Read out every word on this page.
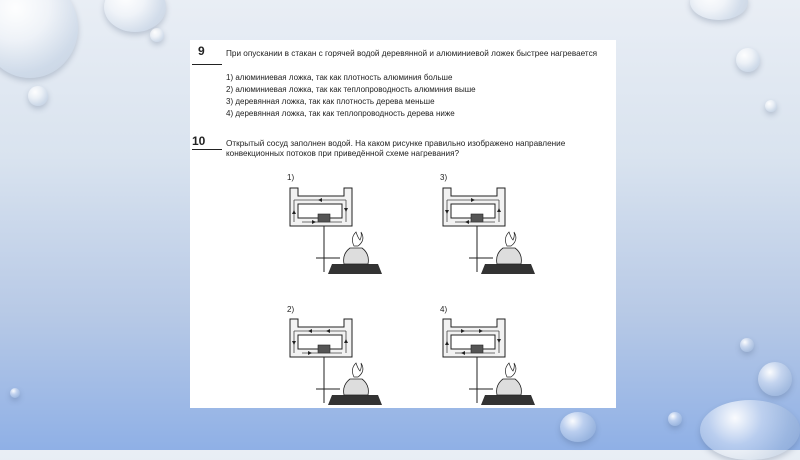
9	При опускании в стакан с горячей водой деревянной и алюминиевой ложек быстрее нагревается
1) алюминиевая ложка, так как плотность алюминия больше
2) алюминиевая ложка, так как теплопроводность алюминия выше
3) деревянная ложка, так как плотность дерева меньше
4) деревянная ложка, так как теплопроводность дерева ниже
10	Открытый сосуд заполнен водой. На каком рисунке правильно изображено направление конвекционных потоков при приведённой схеме нагревания?
1)	3)
2)	4)
